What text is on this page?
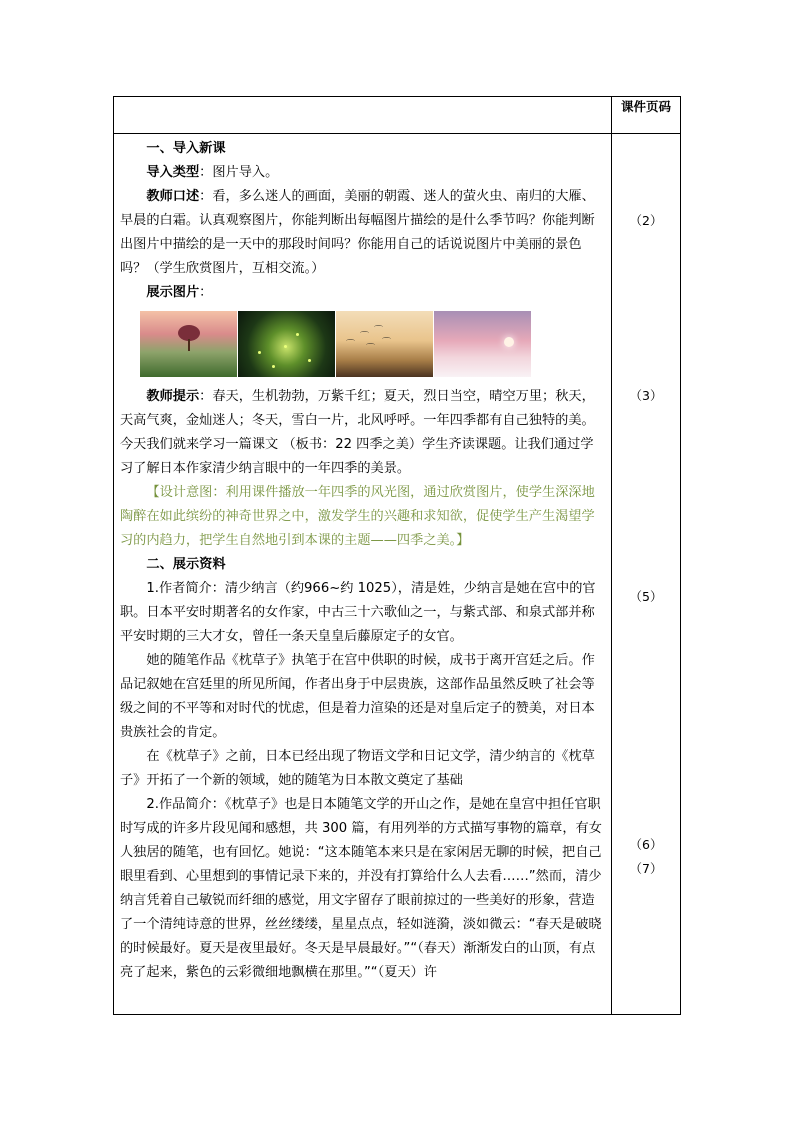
课件页码

一、导入新课

导入类型：图片导入。

教师口述：看，多么迷人的画面，美丽的朝霞、迷人的萤火虫、南归的大雁、早晨的白霜。认真观察图片，你能判断出每幅图片描绘的是什么季节吗？你能判断出图片中描绘的是一天中的那段时间吗？你能用自己的话说说图片中美丽的景色吗？（学生欣赏图片，互相交流。）

展示图片：

⌒
⌒
⌒
⌒
⌒

教师提示：春天，生机勃勃，万紫千红；夏天，烈日当空，晴空万里；秋天，天高气爽，金灿迷人；冬天，雪白一片，北风呼呼。一年四季都有自己独特的美。今天我们就来学习一篇课文 （板书：22 四季之美）学生齐读课题。让我们通过学习了解日本作家清少纳言眼中的一年四季的美景。

【设计意图：利用课件播放一年四季的风光图，通过欣赏图片，使学生深深地陶醉在如此缤纷的神奇世界之中，激发学生的兴趣和求知欲，促使学生产生渴望学习的内趋力，把学生自然地引到本课的主题——四季之美。】

二、展示资料

1.作者简介：清少纳言（约966~约 1025），清是姓，少纳言是她在宫中的官职。日本平安时期著名的女作家，中古三十六歌仙之一，与紫式部、和泉式部并称平安时期的三大才女，曾任一条天皇皇后藤原定子的女官。

她的随笔作品《枕草子》执笔于在宫中供职的时候，成书于离开宫廷之后。作品记叙她在宫廷里的所见所闻，作者出身于中层贵族，这部作品虽然反映了社会等级之间的不平等和对时代的忧虑，但是着力渲染的还是对皇后定子的赞美，对日本贵族社会的肯定。

在《枕草子》之前，日本已经出现了物语文学和日记文学，清少纳言的《枕草子》开拓了一个新的领域，她的随笔为日本散文奠定了基础

2.作品简介：《枕草子》也是日本随笔文学的开山之作，是她在皇宫中担任官职时写成的许多片段见闻和感想，共 300 篇，有用列举的方式描写事物的篇章，有女人独居的随笔，也有回忆。她说：“这本随笔本来只是在家闲居无聊的时候，把自己眼里看到、心里想到的事情记录下来的，并没有打算给什么人去看……”然而，清少纳言凭着自己敏锐而纤细的感觉，用文字留存了眼前掠过的一些美好的形象，营造了一个清纯诗意的世界，丝丝缕缕，星星点点，轻如涟漪，淡如微云：“春天是破晓的时候最好。夏天是夜里最好。冬天是早晨最好。”“（春天）渐渐发白的山顶，有点亮了起来，紫色的云彩微细地飘横在那里。”“（夏天）许

（2）
（3）
（5）
（6）
（7）
